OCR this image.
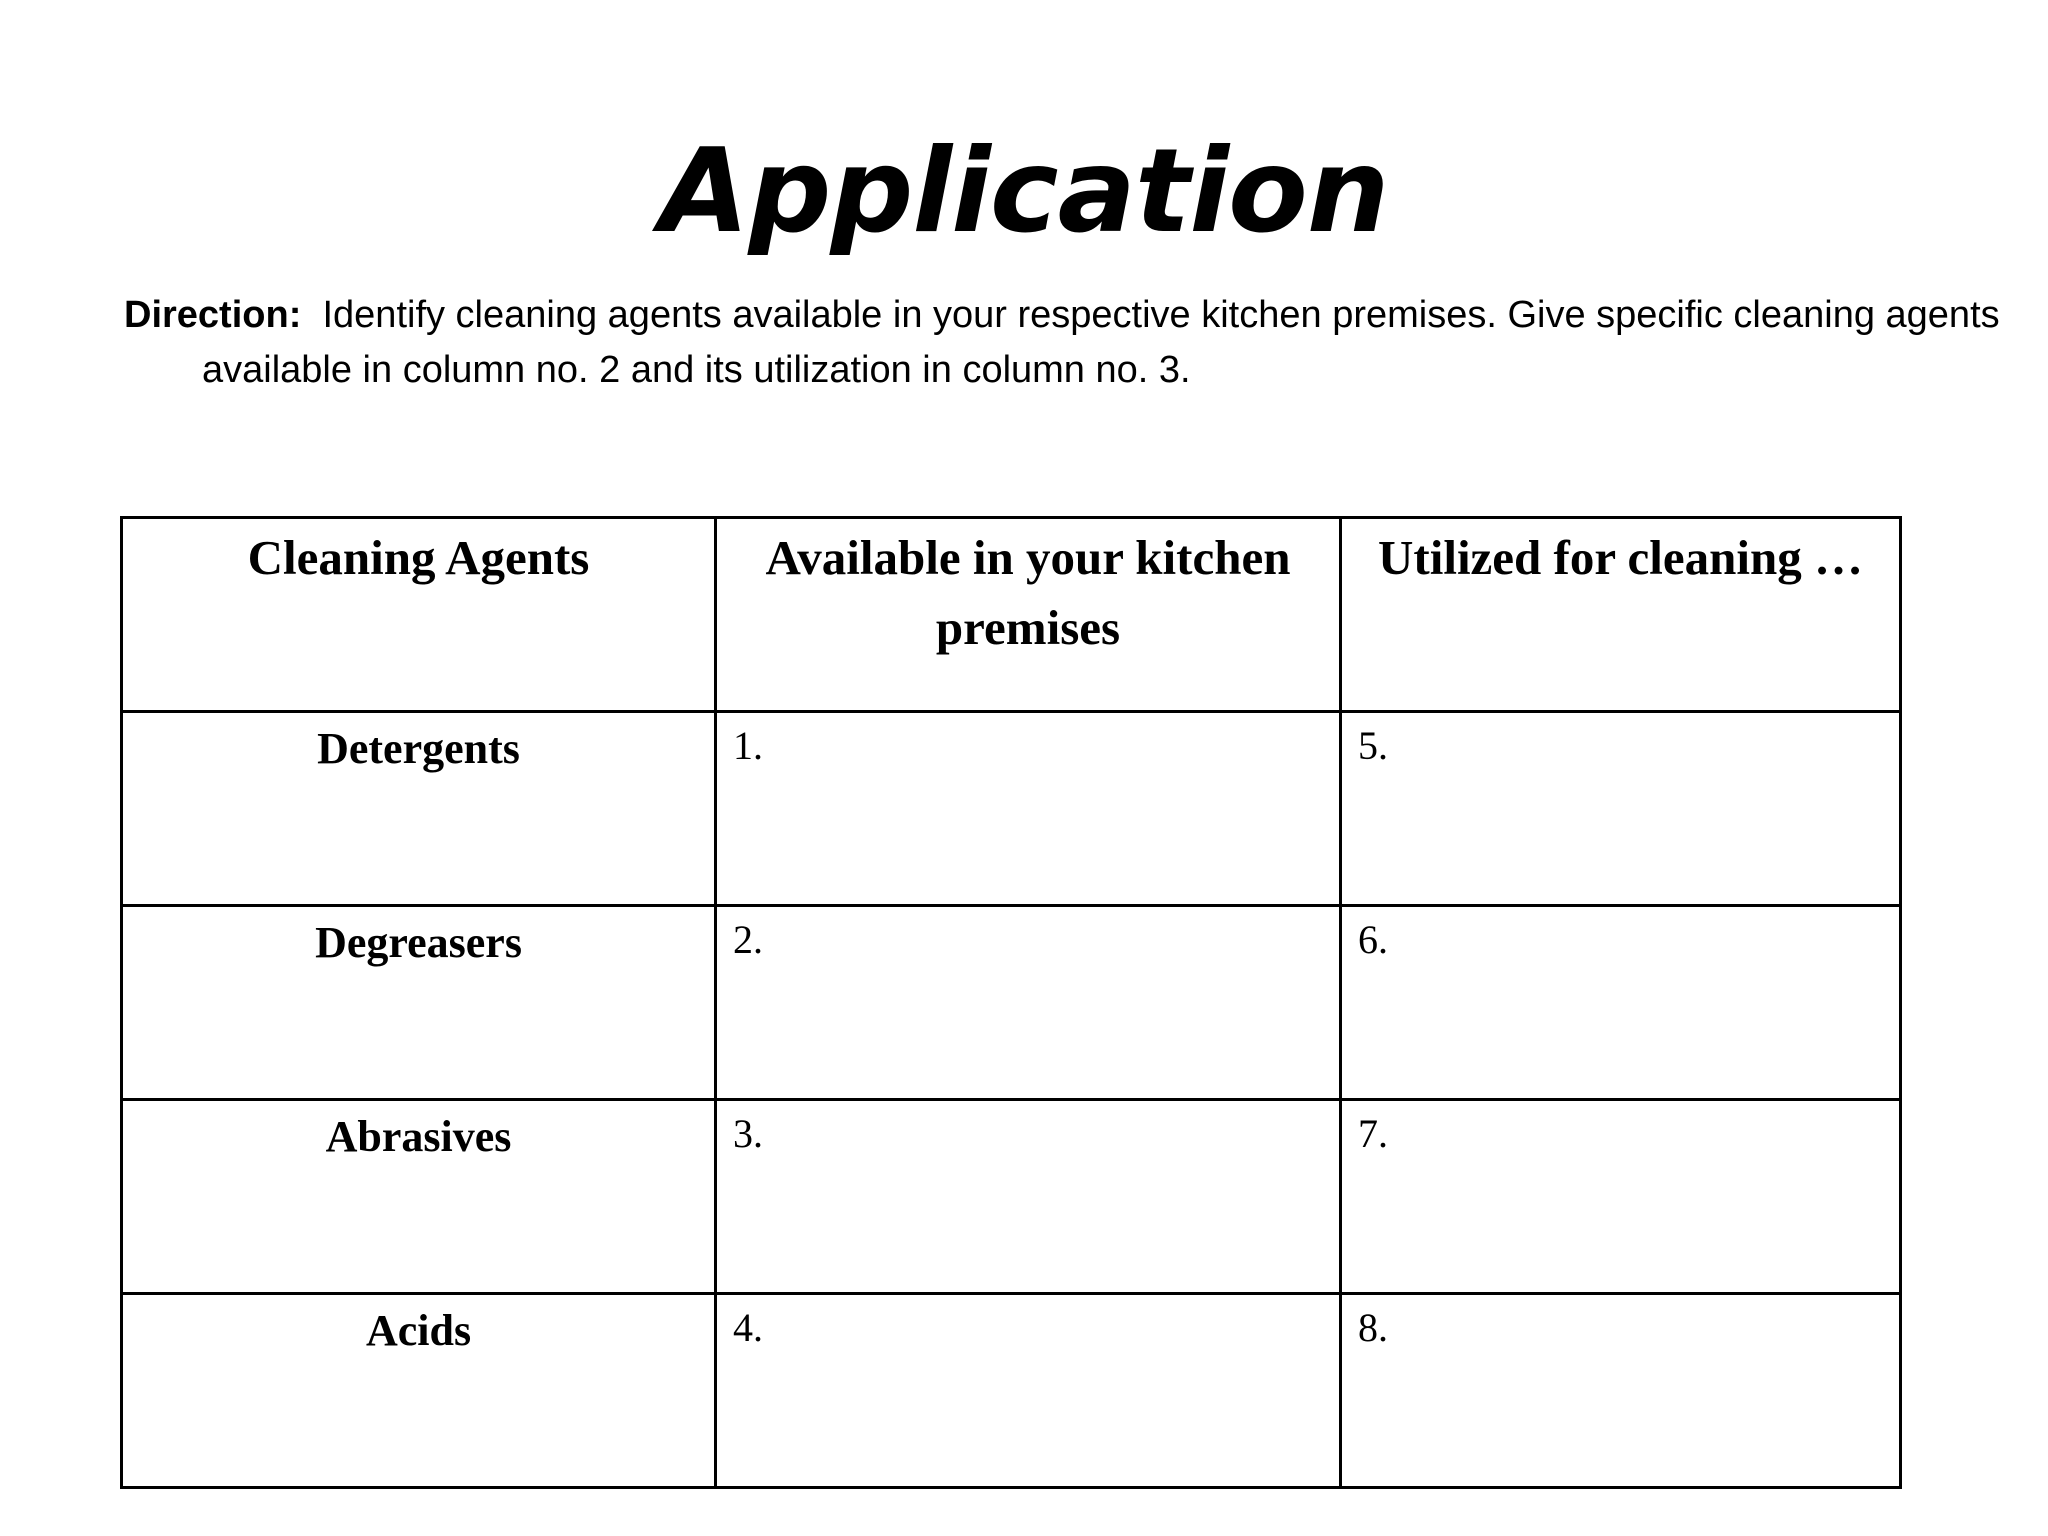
Application

Direction: Identify cleaning agents available in your respective kitchen premises. Give specific cleaning agents available in column no. 2 and its utilization in column no. 3.

Cleaning Agents	Available in your kitchen premises	Utilized for cleaning …
Detergents	1.	5.
Degreasers	2.	6.
Abrasives	3.	7.
Acids	4.	8.
